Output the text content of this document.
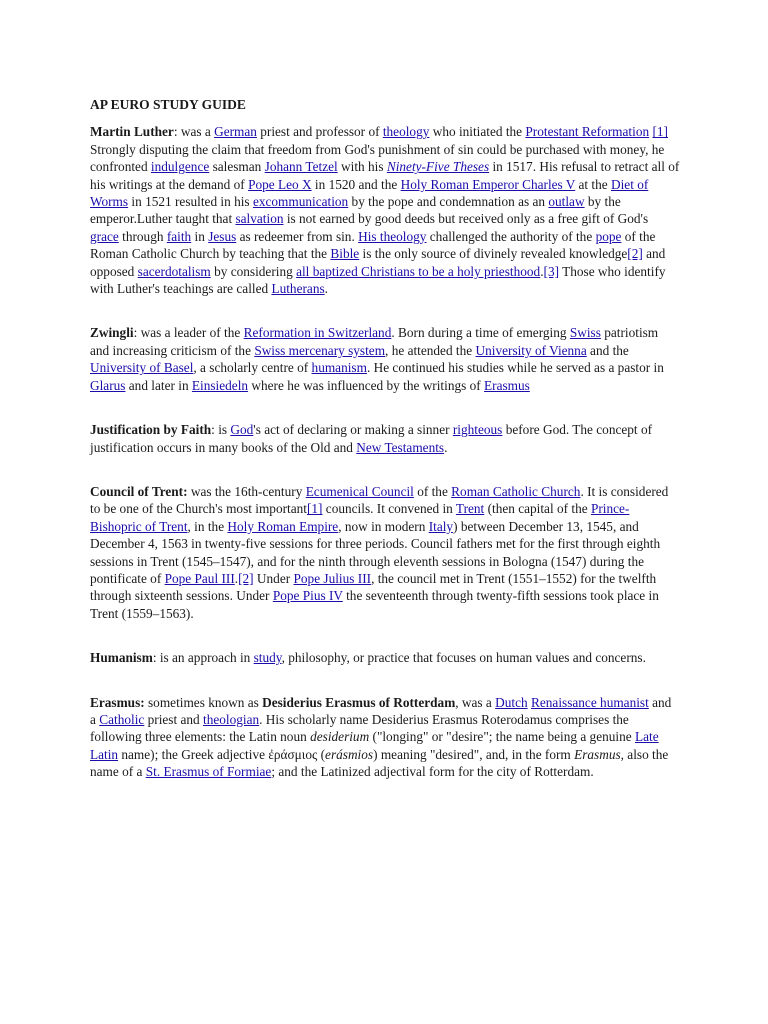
AP EURO STUDY GUIDE

Martin Luther: was a German priest and professor of theology who initiated the Protestant Reformation [1] Strongly disputing the claim that freedom from God's punishment of sin could be purchased with money, he confronted indulgence salesman Johann Tetzel with his Ninety-Five Theses in 1517. His refusal to retract all of his writings at the demand of Pope Leo X in 1520 and the Holy Roman Emperor Charles V at the Diet of Worms in 1521 resulted in his excommunication by the pope and condemnation as an outlaw by the emperor.Luther taught that salvation is not earned by good deeds but received only as a free gift of God's grace through faith in Jesus as redeemer from sin. His theology challenged the authority of the pope of the Roman Catholic Church by teaching that the Bible is the only source of divinely revealed knowledge[2] and opposed sacerdotalism by considering all baptized Christians to be a holy priesthood.[3] Those who identify with Luther's teachings are called Lutherans.

Zwingli: was a leader of the Reformation in Switzerland. Born during a time of emerging Swiss patriotism and increasing criticism of the Swiss mercenary system, he attended the University of Vienna and the University of Basel, a scholarly centre of humanism. He continued his studies while he served as a pastor in Glarus and later in Einsiedeln where he was influenced by the writings of Erasmus

Justification by Faith: is God's act of declaring or making a sinner righteous before God. The concept of justification occurs in many books of the Old and New Testaments.

Council of Trent: was the 16th-century Ecumenical Council of the Roman Catholic Church. It is considered to be one of the Church's most important[1] councils. It convened in Trent (then capital of the Prince-Bishopric of Trent, in the Holy Roman Empire, now in modern Italy) between December 13, 1545, and December 4, 1563 in twenty-five sessions for three periods. Council fathers met for the first through eighth sessions in Trent (1545–1547), and for the ninth through eleventh sessions in Bologna (1547) during the pontificate of Pope Paul III.[2] Under Pope Julius III, the council met in Trent (1551–1552) for the twelfth through sixteenth sessions. Under Pope Pius IV the seventeenth through twenty-fifth sessions took place in Trent (1559–1563).

Humanism: is an approach in study, philosophy, or practice that focuses on human values and concerns.

Erasmus: sometimes known as Desiderius Erasmus of Rotterdam, was a Dutch Renaissance humanist and a Catholic priest and theologian. His scholarly name Desiderius Erasmus Roterodamus comprises the following three elements: the Latin noun desiderium ("longing" or "desire"; the name being a genuine Late Latin name); the Greek adjective ἐράσμιος (erásmios) meaning "desired", and, in the form Erasmus, also the name of a St. Erasmus of Formiae; and the Latinized adjectival form for the city of Rotterdam.
